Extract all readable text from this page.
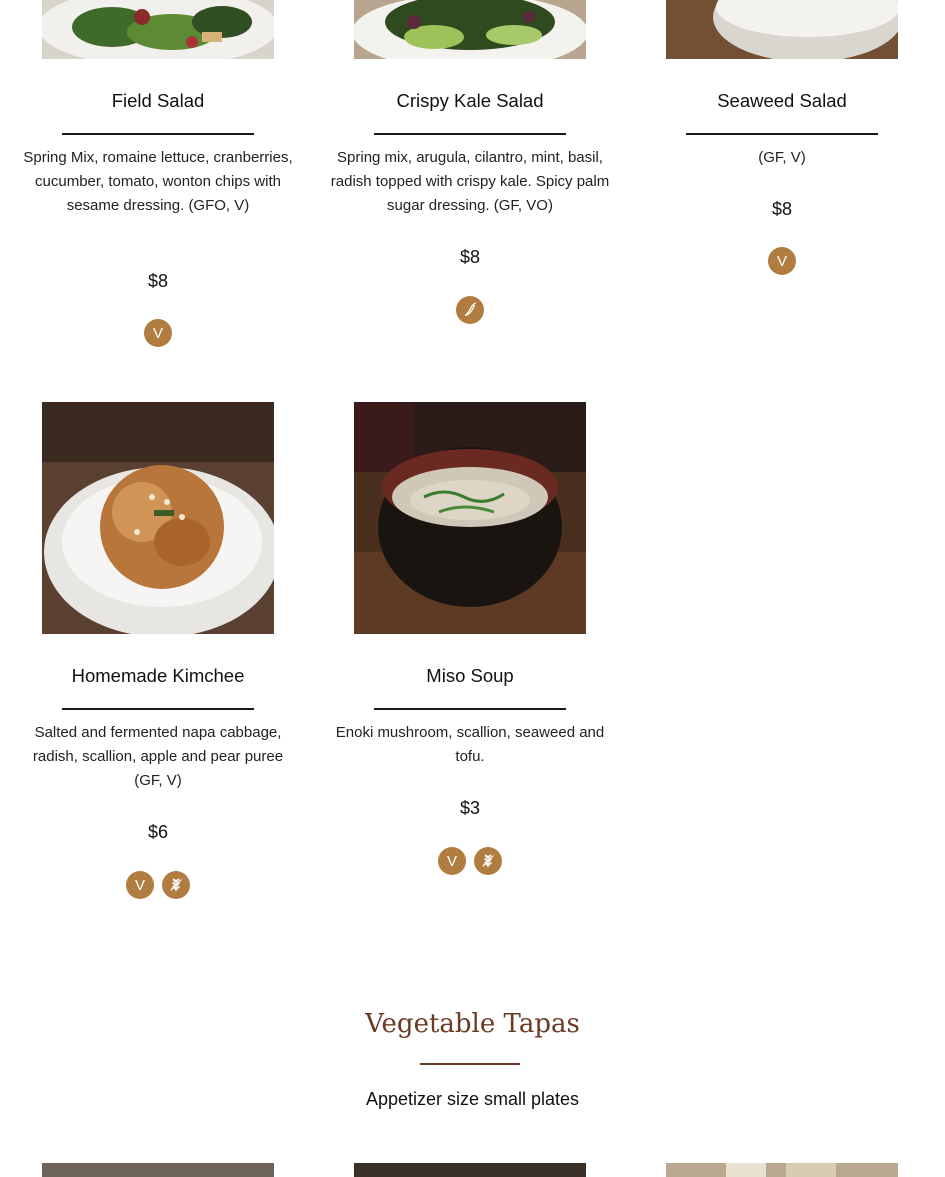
Field Salad
Spring Mix, romaine lettuce, cranberries, cucumber, tomato, wonton chips with sesame dressing. (GFO, V)
$8
V
Crispy Kale Salad
Spring mix, arugula, cilantro, mint, basil, radish topped with crispy kale. Spicy palm sugar dressing. (GF, VO)
$8
Seaweed Salad
(GF, V)
$8
V
Homemade Kimchee
Salted and fermented napa cabbage, radish, scallion, apple and pear puree (GF, V)
$6
V
Miso Soup
Enoki mushroom, scallion, seaweed and tofu.
$3
V
Vegetable Tapas
Appetizer size small plates
